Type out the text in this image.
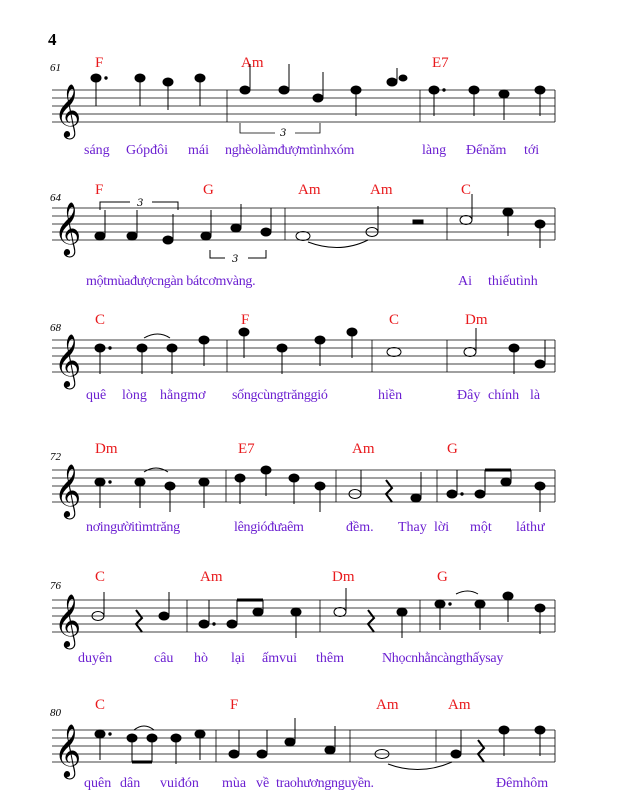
4
F	Am	E7
61
𝄞	3
sáng Gópđôi mái nghèolàmđượmtìnhxóm	làng Đểnăm tới
F	G	Am	Am	C
64
𝄞	3
3
mộtmùađượcngàn bátcơmvàng.	Ai thiếutình
C	F	C	Dm
68
𝄞
quê lòng hằngmơ sốngcùngtrănggió	hiền	Đây chính là
Dm	E7	Am	G
72
𝄞
nơingườitìmtrăng	lêngióđưaêm	đềm. Thay lời một láthư
C	Am	Dm	G
76
𝄞
duyên	câu hò lại ấmvui thêm	Nhọcnhằncàngthấysay
C	F	Am	Am
80
𝄞
quên dân vuiđón mùa về traohươngnguyền.	Đêmhôm
